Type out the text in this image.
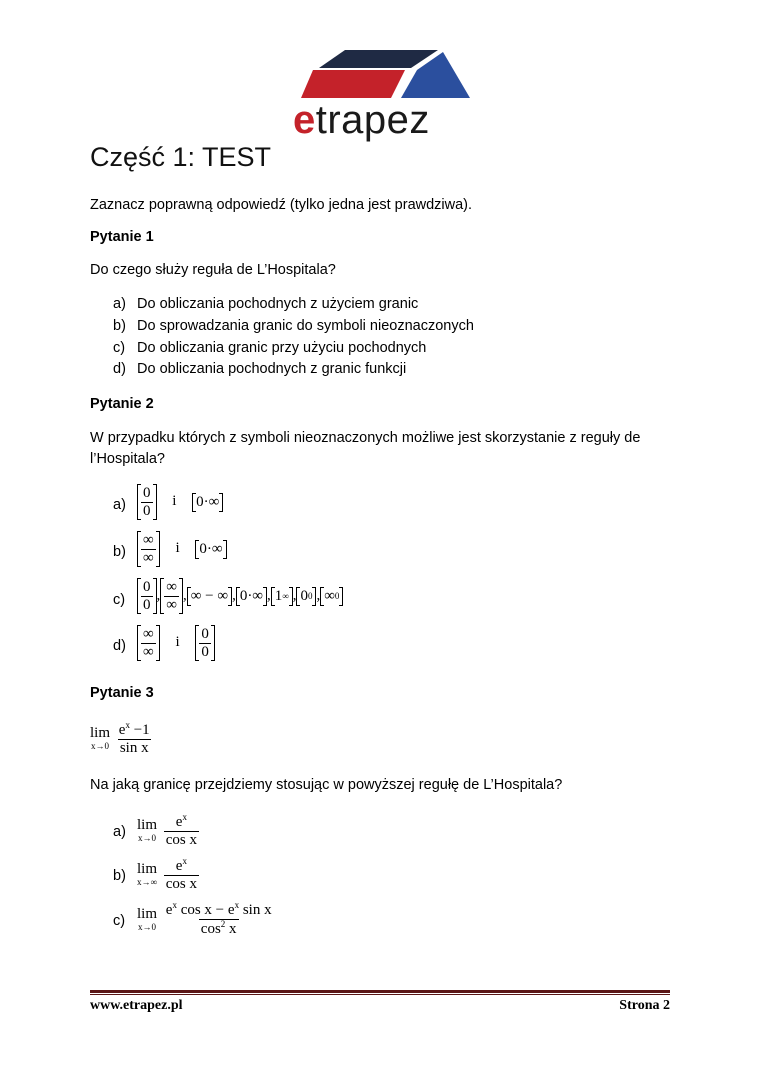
etrapez
Część 1: TEST
Zaznacz poprawną odpowiedź (tylko jedna jest prawdziwa).
Pytanie 1
Do czego służy reguła de L’Hospitala?
a) Do obliczania pochodnych z użyciem granic
b) Do sprowadzania granic do symboli nieoznaczonych
c) Do obliczania granic przy użyciu pochodnych
d) Do obliczania pochodnych z granic funkcji
Pytanie 2
W przypadku których z symboli nieoznaczonych możliwe jest skorzystanie z reguły de
l’Hospitala?
$a) \frac{0}{0}$ i 0·∞
$b) \frac{\infty}{\infty}$ i 0·∞
$c) \frac{0}{0}$ , $\frac{\infty}{\infty}$ , ∞ − ∞ , 0·∞ , 1 ∞ , 0 0 , ∞ 0
$d) \frac{\infty}{\infty}$ i $\frac{0}{0}$
Pytanie 3
lim
x→0
$\frac{e^x -1}{\text{sin x}}$
Na jaką granicę przejdziemy stosując w powyższej regułę de L’Hospitala?
a) lim
x→0
$\frac{e^x}{\text{cos x}}$
b) lim
x→∞
$\frac{e^x}{\text{cos x}}$
c) lim
x→0
$\frac{e^x \cos x - e^x \sin x}{\cos^2 x}$
www.etrapez.pl	Strona 2
